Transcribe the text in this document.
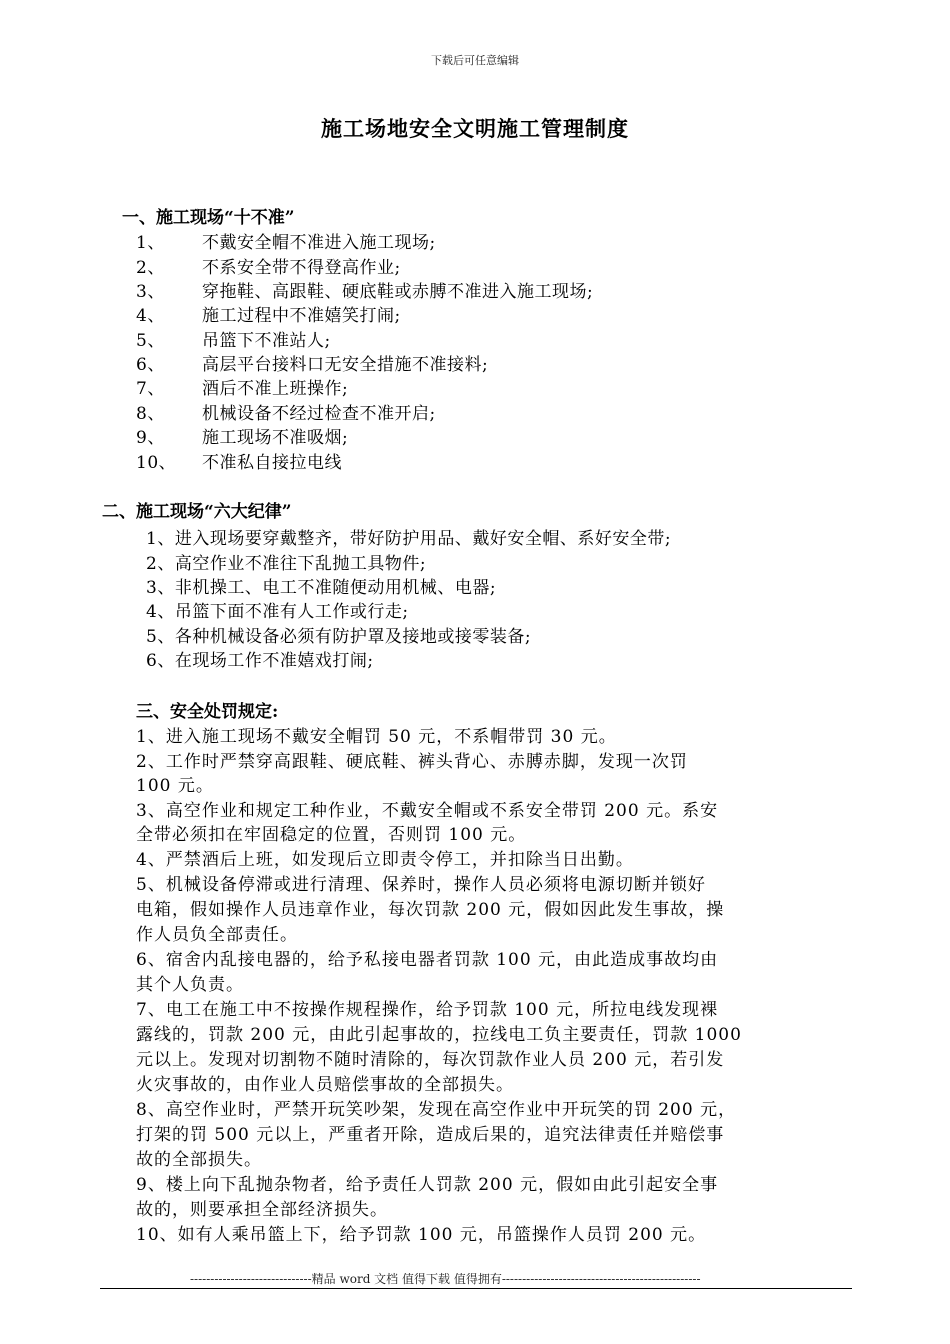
下载后可任意编辑
施工场地安全文明施工管理制度
一、施工现场“十不准”
1、 不戴安全帽不准进入施工现场;
2、 不系安全带不得登高作业;
3、 穿拖鞋、高跟鞋、硬底鞋或赤膊不准进入施工现场;
4、 施工过程中不准嬉笑打闹;
5、 吊篮下不准站人;
6、 高层平台接料口无安全措施不准接料;
7、 酒后不准上班操作;
8、 机械设备不经过检查不准开启;
9、 施工现场不准吸烟;
10、 不准私自接拉电线
二、施工现场“六大纪律”
1、进入现场要穿戴整齐，带好防护用品、戴好安全帽、系好安全带;
2、高空作业不准往下乱抛工具物件;
3、非机操工、电工不准随便动用机械、电器;
4、吊篮下面不准有人工作或行走;
5、各种机械设备必须有防护罩及接地或接零装备;
6、在现场工作不准嬉戏打闹;
三、安全处罚规定:
1、进入施工现场不戴安全帽罚 50 元，不系帽带罚 30 元。
2、工作时严禁穿高跟鞋、硬底鞋、裤头背心、赤膊赤脚，发现一次罚
100 元。
3、高空作业和规定工种作业，不戴安全帽或不系安全带罚 200 元。系安
全带必须扣在牢固稳定的位置，否则罚 100 元。
4、严禁酒后上班，如发现后立即责令停工，并扣除当日出勤。
5、机械设备停滞或进行清理、保养时，操作人员必须将电源切断并锁好
电箱，假如操作人员违章作业，每次罚款 200 元，假如因此发生事故，操
作人员负全部责任。
6、宿舍内乱接电器的，给予私接电器者罚款 100 元，由此造成事故均由
其个人负责。
7、电工在施工中不按操作规程操作，给予罚款 100 元，所拉电线发现裸
露线的，罚款 200 元，由此引起事故的，拉线电工负主要责任，罚款 1000
元以上。发现对切割物不随时清除的，每次罚款作业人员 200 元，若引发
火灾事故的，由作业人员赔偿事故的全部损失。
8、高空作业时，严禁开玩笑吵架，发现在高空作业中开玩笑的罚 200 元，
打架的罚 500 元以上，严重者开除，造成后果的，追究法律责任并赔偿事
故的全部损失。
9、楼上向下乱抛杂物者，给予责任人罚款 200 元，假如由此引起安全事
故的，则要承担全部经济损失。
10、如有人乘吊篮上下，给予罚款 100 元，吊篮操作人员罚 200 元。
------------------------------精品 word 文档 值得下载 值得拥有-------------------------------------------------
